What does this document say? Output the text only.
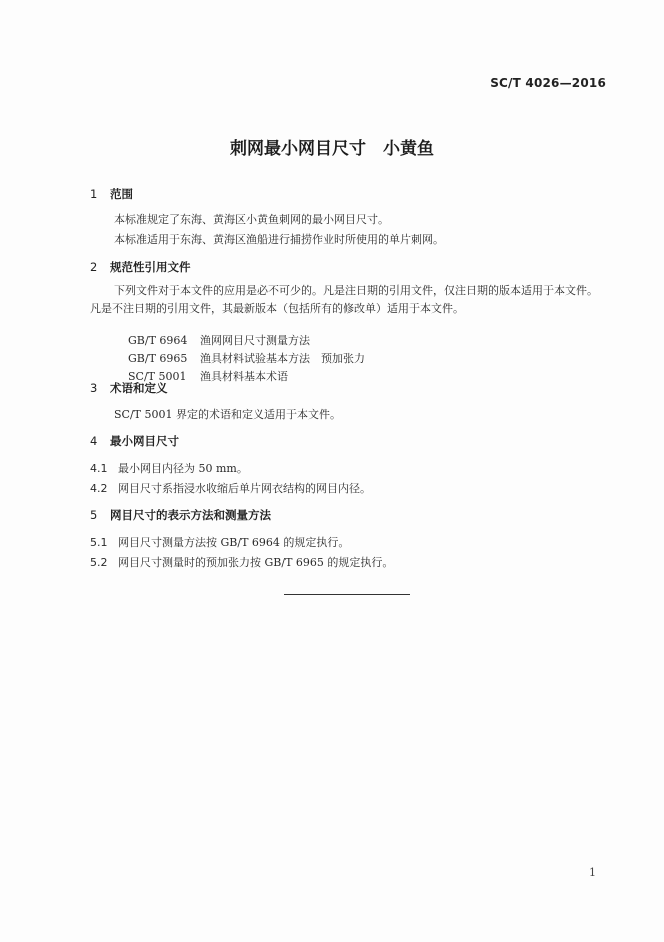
SC/T 4026—2016
刺网最小网目尺寸　小黄鱼
1 范围
本标准规定了东海、黄海区小黄鱼刺网的最小网目尺寸。
本标准适用于东海、黄海区渔船进行捕捞作业时所使用的单片刺网。
2 规范性引用文件
下列文件对于本文件的应用是必不可少的。凡是注日期的引用文件，仅注日期的版本适用于本文件。凡是不注日期的引用文件，其最新版本（包括所有的修改单）适用于本文件。

GB/T 6964 渔网网目尺寸测量方法

GB/T 6965 渔具材料试验基本方法　预加张力

SC/T 5001 渔具材料基本术语

3 术语和定义
SC/T 5001 界定的术语和定义适用于本文件。
4 最小网目尺寸
4.1 最小网目内径为 50 mm。
4.2 网目尺寸系指浸水收缩后单片网衣结构的网目内径。
5 网目尺寸的表示方法和测量方法
5.1 网目尺寸测量方法按 GB/T 6964 的规定执行。
5.2 网目尺寸测量时的预加张力按 GB/T 6965 的规定执行。
1
